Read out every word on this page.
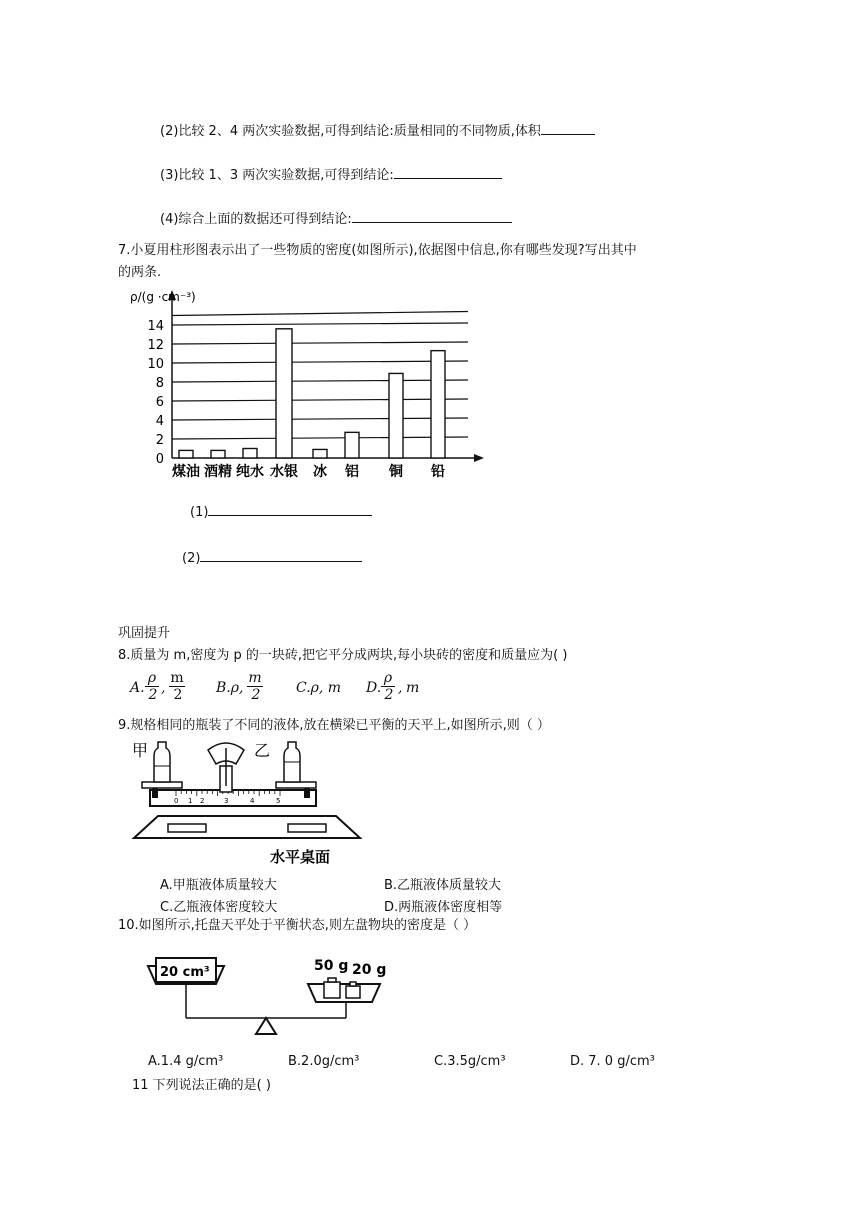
(2)比较 2、4 两次实验数据,可得到结论:质量相同的不同物质,体积
(3)比较 1、3 两次实验数据,可得到结论:
(4)综合上面的数据还可得到结论:
7.小夏用柱形图表示出了一些物质的密度(如图所示),依据图中信息,你有哪些发现?写出其中
的两条.
0
2
4
6
8
10
12
14
煤油 酒精 纯水 水银 冰 铝 铜 铅
ρ/(g ·cm⁻³)
(1)
(2)
巩固提升
8.质量为 m,密度为 p 的一块砖,把它平分成两块,每小块砖的密度和质量应为( )
A.
ρ
2 ,
m
2 B.ρ,
m
2	C.ρ, m D.
ρ
2 , m
9.规格相同的瓶装了不同的液体,放在横梁已平衡的天平上,如图所示,则（ ）
5
4
3
2
1
0
甲	乙
水平桌面
A.甲瓶液体质量较大	B.乙瓶液体质量较大
C.乙瓶液体密度较大	D.两瓶液体密度相等
10.如图所示,托盘天平处于平衡状态,则左盘物块的密度是（ ）
20 cm³	50 g 20 g
A.1.4 g/cm³	B.2.0g/cm³	C.3.5g/cm³	D. 7. 0 g/cm³
11 下列说法正确的是( )
